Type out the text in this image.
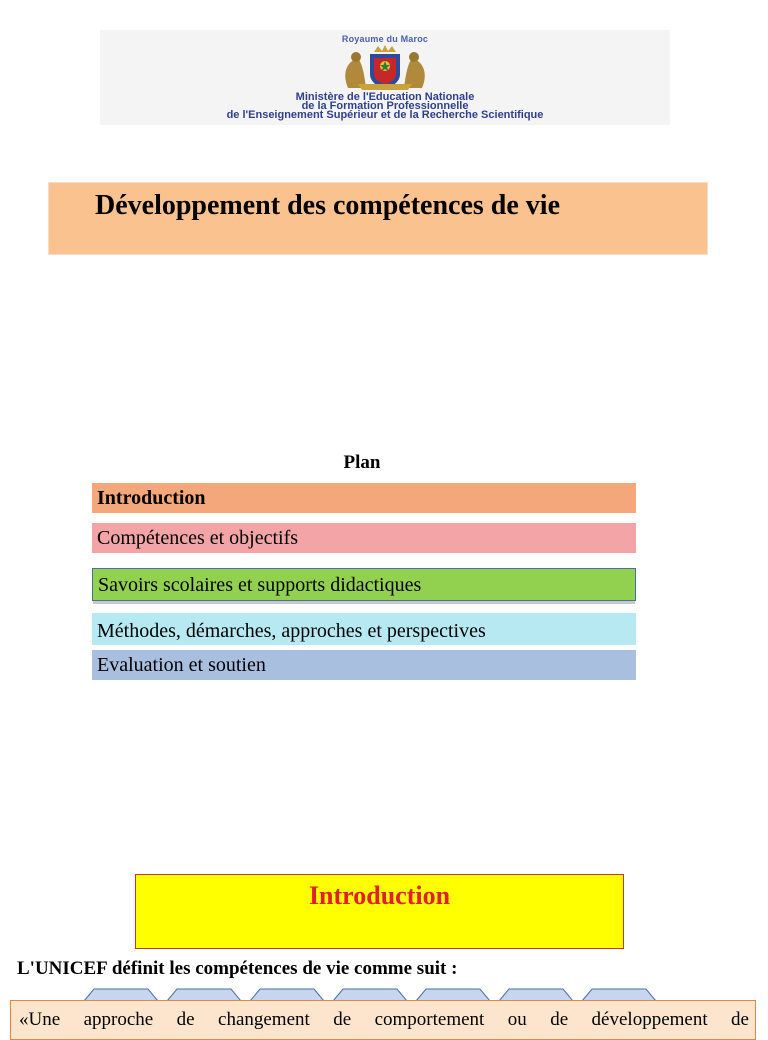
Royaume du Maroc
Ministère de l'Education Nationale
de la Formation Professionnelle
de l'Enseignement Supérieur et de la Recherche Scientifique
Développement des compétences de vie
Plan
Introduction
Compétences et objectifs
Savoirs scolaires et supports didactiques
Méthodes, démarches, approches et perspectives
Evaluation et soutien
Introduction
L'UNICEF définit les compétences de vie comme suit :
«Une approche de changement de comportement ou de développement de
